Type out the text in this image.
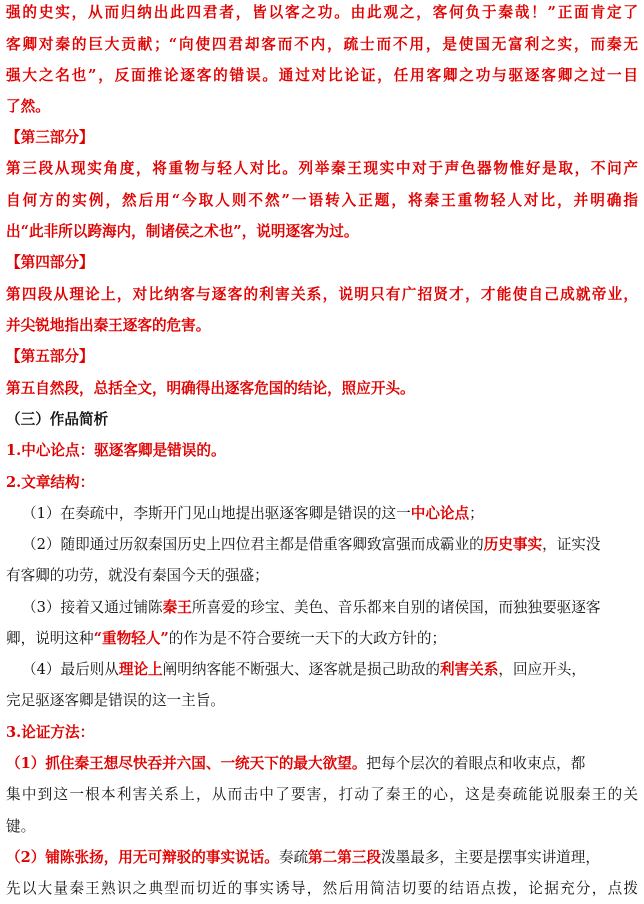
强的史实，从而归纳出此四君者，皆以客之功。由此观之，客何负于秦哉！”正面肯定了
客卿对秦的巨大贡献；“向使四君却客而不内，疏士而不用，是使国无富利之实，而秦无
强大之名也”，反面推论逐客的错误。通过对比论证，任用客卿之功与驱逐客卿之过一目
了然。
【第三部分】
第三段从现实角度，将重物与轻人对比。列举秦王现实中对于声色器物惟好是取，不问产
自何方的实例，然后用“今取人则不然”一语转入正题，将秦王重物轻人对比，并明确指
出“此非所以跨海内，制诸侯之术也”，说明逐客为过。
【第四部分】
第四段从理论上，对比纳客与逐客的利害关系，说明只有广招贤才，才能使自己成就帝业，
并尖锐地指出秦王逐客的危害。
【第五部分】
第五自然段，总括全文，明确得出逐客危国的结论，照应开头。
（三）作品简析
1.中心论点：驱逐客卿是错误的。
2.文章结构：
（1）在奏疏中，李斯开门见山地提出驱逐客卿是错误的这一中心论点；
（2）随即通过历叙秦国历史上四位君主都是借重客卿致富强而成霸业的历史事实，证实没
有客卿的功劳，就没有秦国今天的强盛；
（3）接着又通过铺陈秦王所喜爱的珍宝、美色、音乐都来自别的诸侯国，而独独要驱逐客
卿，说明这种“重物轻人”的作为是不符合要统一天下的大政方针的；
（4）最后则从理论上阐明纳客能不断强大、逐客就是损己助敌的利害关系，回应开头，
完足驱逐客卿是错误的这一主旨。
3.论证方法：
（1）抓住秦王想尽快吞并六国、一统天下的最大欲望。把每个层次的着眼点和收束点，都
集中到这一根本利害关系上，从而击中了要害，打动了秦王的心，这是奏疏能说服秦王的关
键。
（2）铺陈张扬，用无可辩驳的事实说话。奏疏第二第三段泼墨最多，主要是摆事实讲道理，
先以大量秦王熟识之典型而切近的事实诱导，然后用简洁切要的结语点拨，论据充分，点拨
